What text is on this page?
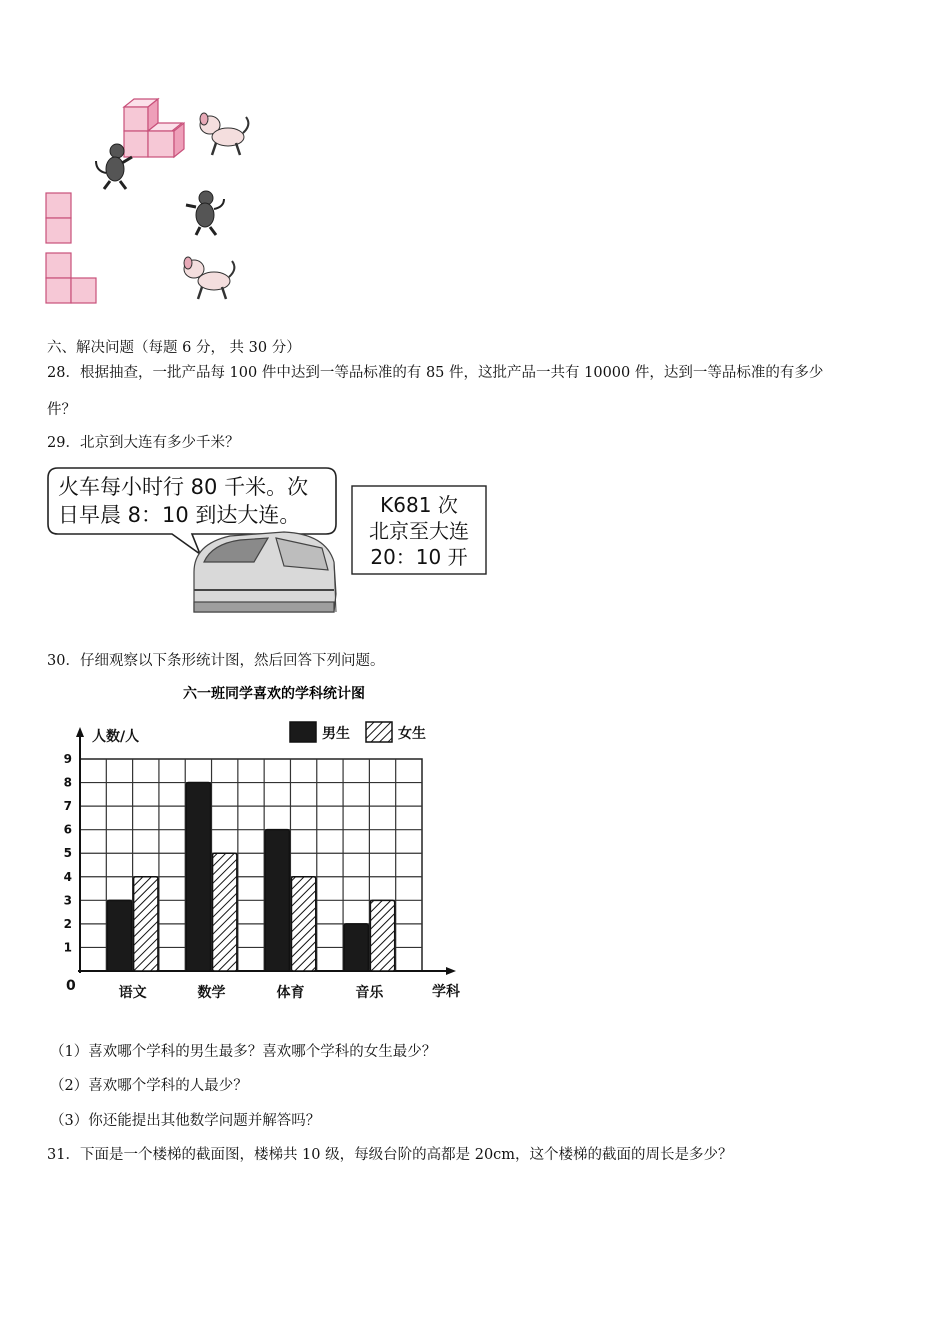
六、解决问题（每题 6 分， 共 30 分）
28．根据抽查，一批产品每 100 件中达到一等品标准的有 85 件，这批产品一共有 10000 件，达到一等品标准的有多少
件？
29．北京到大连有多少千米？
火车每小时行 80 千米。次
日早晨 8：10 到达大连。	K681 次
北京至大连
20：10 开
30．仔细观察以下条形统计图，然后回答下列问题。
六一班同学喜欢的学科统计图
人数/人	男生	女生
1
2
3
4
5
6
7
8
9
语文	数学	体育	音乐
0	学科
（1）喜欢哪个学科的男生最多？喜欢哪个学科的女生最少？
（2）喜欢哪个学科的人最少？
（3）你还能提出其他数学问题并解答吗？
31．下面是一个楼梯的截面图，楼梯共 10 级，每级台阶的高都是 20cm，这个楼梯的截面的周长是多少？
